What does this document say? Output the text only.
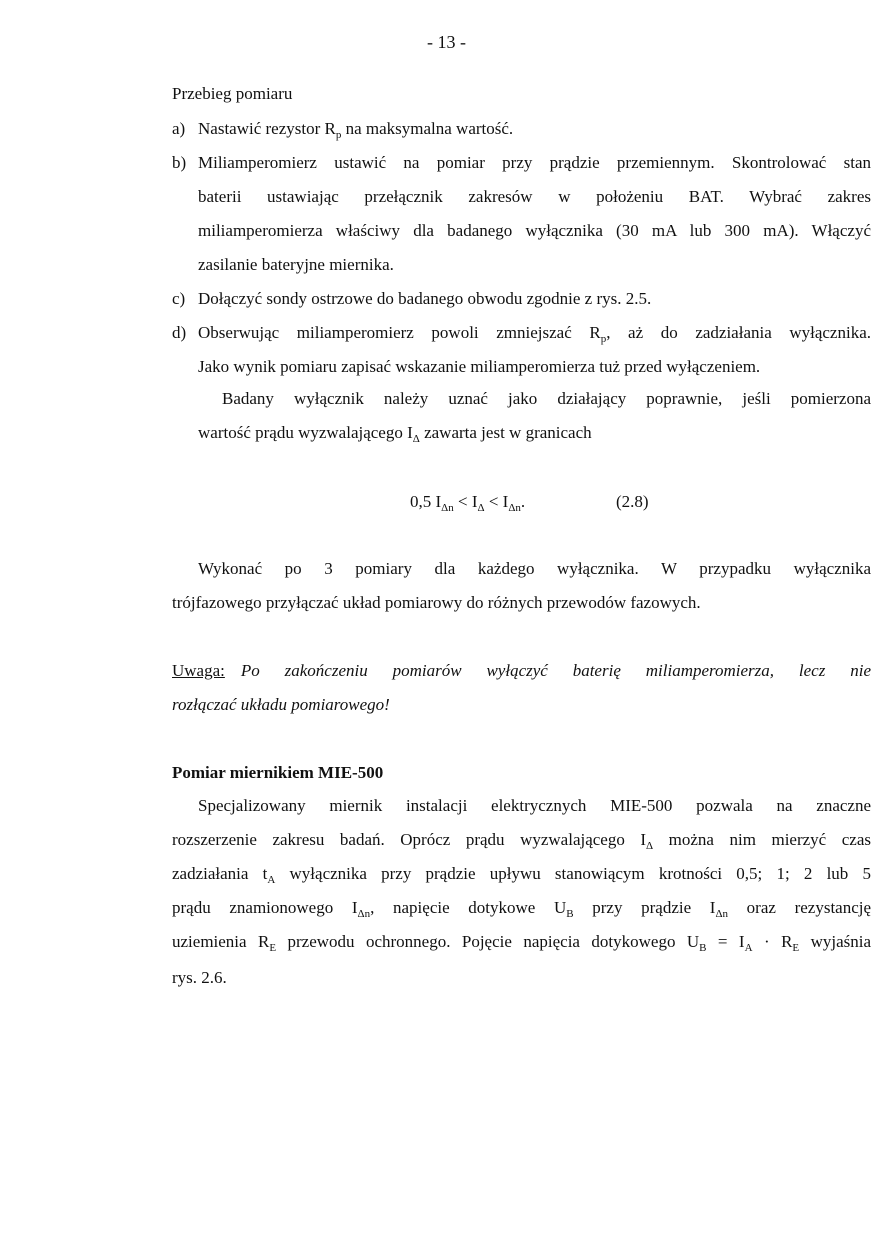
- 13 -
Przebieg pomiaru
a) Nastawić rezystor $R_p$ na maksymalna wartość.
b) Miliamperomierz ustawić na pomiar przy prądzie przemiennym. Skontrolować stan
baterii ustawiając przełącznik zakresów w położeniu BAT. Wybrać zakres
miliamperomierza właściwy dla badanego wyłącznika (30 mA lub 300 mA). Włączyć
zasilanie bateryjne miernika.
c) Dołączyć sondy ostrzowe do badanego obwodu zgodnie z rys. 2.5.
d) Obserwując miliamperomierz powoli zmniejszać $R_p$, aż do zadziałania wyłącznika.
Jako wynik pomiaru zapisać wskazanie miliamperomierza tuż przed wyłączeniem.
Badany wyłącznik należy uznać jako działający poprawnie, jeśli pomierzona
wartość prądu wyzwalającego $I_\Delta$ zawarta jest w granicach
0,5 $I_{\Delta n} < I_\Delta < I_{\Delta n}$.	(2.8)
Wykonać po 3 pomiary dla każdego wyłącznika. W przypadku wyłącznika
trójfazowego przyłączać układ pomiarowy do różnych przewodów fazowych.
Uwaga: Po zakończeniu pomiarów wyłączyć baterię miliamperomierza, lecz nie
rozłączać układu pomiarowego!
Pomiar miernikiem MIE-500
Specjalizowany miernik instalacji elektrycznych MIE-500 pozwala na znaczne
rozszerzenie zakresu badań. Oprócz prądu wyzwalającego $I_\Delta$ można nim mierzyć czas
zadziałania $t_A$ wyłącznika przy prądzie upływu stanowiącym krotności 0,5; 1; 2 lub 5
prądu znamionowego $I_{\Delta n}$, napięcie dotykowe $U_B$ przy prądzie $I_{\Delta n}$ oraz rezystancję
uziemienia $R_E$ przewodu ochronnego. Pojęcie napięcia dotykowego $U_B = I_A \cdot R_E$ wyjaśnia
rys. 2.6.
